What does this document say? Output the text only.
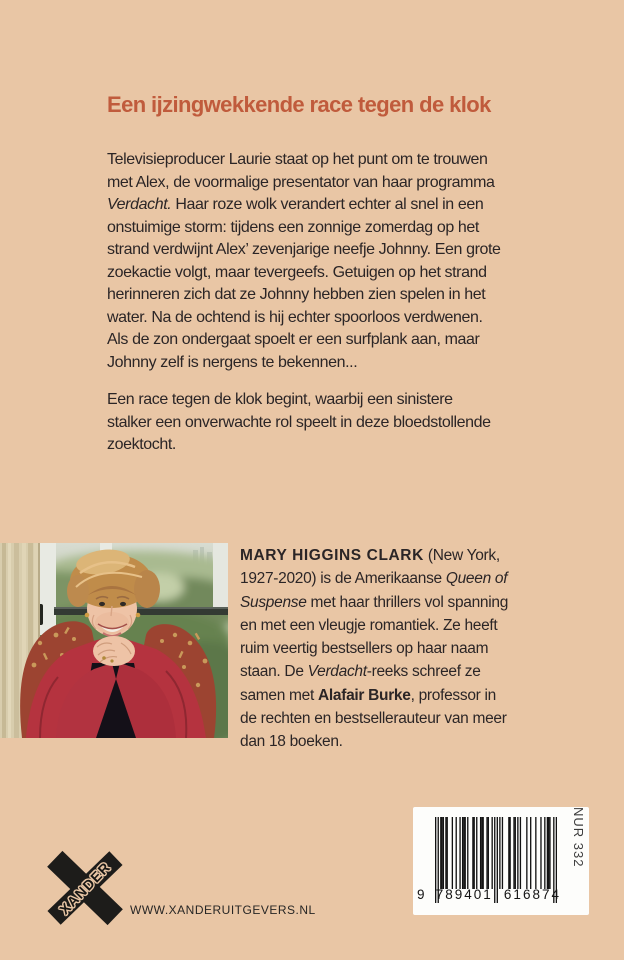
Een ijzingwekkende race tegen de klok
Televisieproducer Laurie staat op het punt om te trouwen
met Alex, de voormalige presentator van haar programma
Verdacht. Haar roze wolk verandert echter al snel in een
onstuimige storm: tijdens een zonnige zomerdag op het
strand verdwijnt Alex’ zevenjarige neefje Johnny. Een grote
zoekactie volgt, maar tevergeefs. Getuigen op het strand
herinneren zich dat ze Johnny hebben zien spelen in het
water. Na de ochtend is hij echter spoorloos verdwenen.
Als de zon ondergaat spoelt er een surfplank aan, maar
Johnny zelf is nergens te bekennen...
Een race tegen de klok begint, waarbij een sinistere
stalker een onverwachte rol speelt in deze bloedstollende
zoektocht.
MARY HIGGINS CLARK (New York,
1927-2020) is de Amerikaanse Queen of
Suspense met haar thrillers vol spanning
en met een vleugje romantiek. Ze heeft
ruim veertig bestsellers op haar naam
staan. De Verdacht-reeks schreef ze
samen met Alafair Burke, professor in
de rechten en bestsellerauteur van meer
dan 18 boeken.
XANDER WWW.XANDERUITGEVERS.NL
9 789401 616874
NUR 332
